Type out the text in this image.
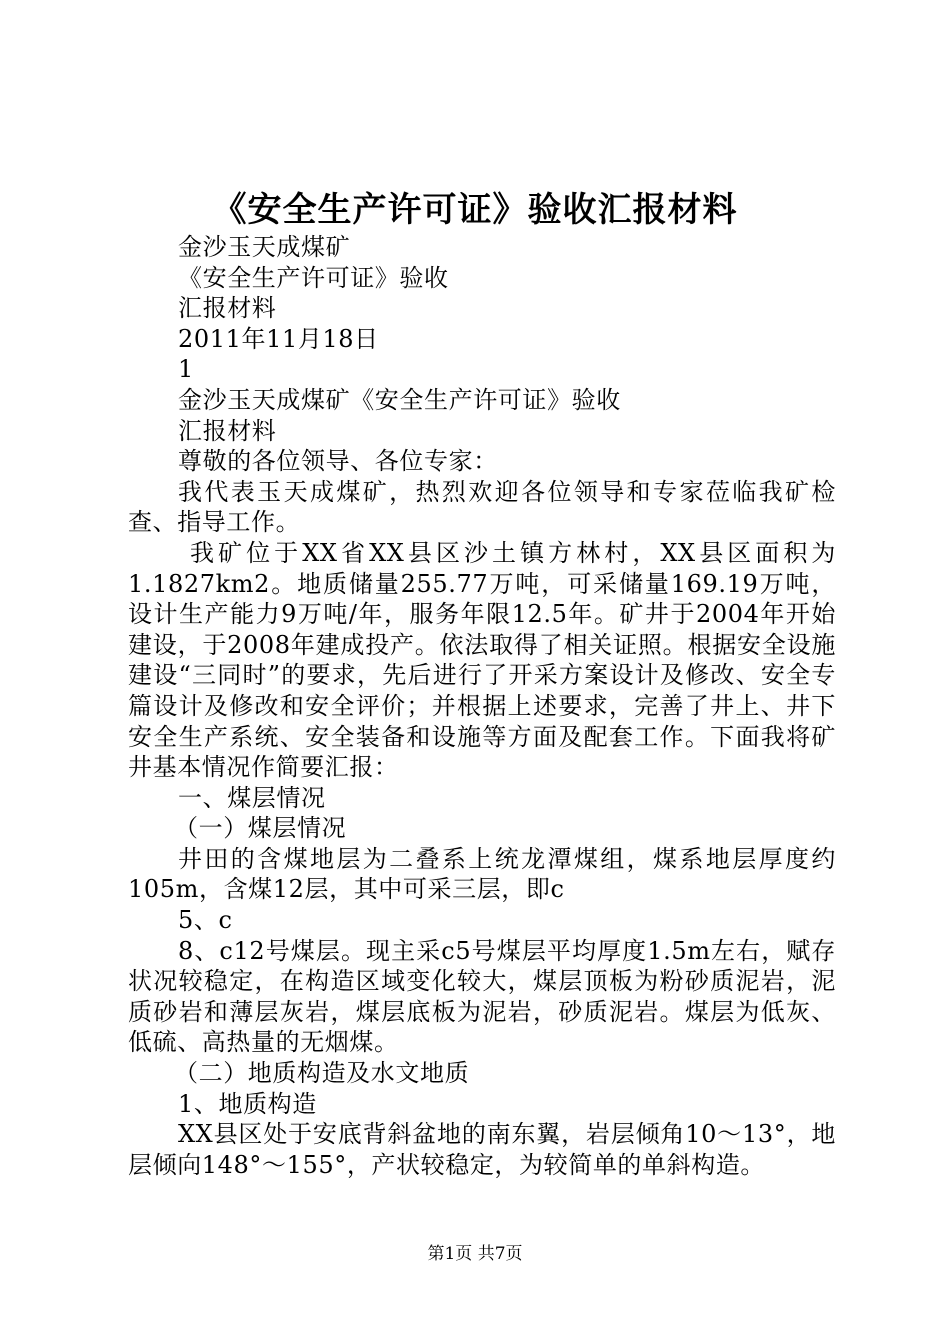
《安全生产许可证》验收汇报材料

金沙玉天成煤矿

《安全生产许可证》验收

汇报材料

2011年11月18日

1

金沙玉天成煤矿《安全生产许可证》验收

汇报材料

尊敬的各位领导、各位专家：

我代表玉天成煤矿，热烈欢迎各位领导和专家莅临我矿检查、指导工作。

我矿位于XX省XX县区沙土镇方林村，XX县区面积为1.1827km2。地质储量255.77万吨，可采储量169.19万吨，设计生产能力9万吨/年，服务年限12.5年。矿井于2004年开始建设，于2008年建成投产。依法取得了相关证照。根据安全设施建设“三同时”的要求，先后进行了开采方案设计及修改、安全专篇设计及修改和安全评价；并根据上述要求，完善了井上、井下安全生产系统、安全装备和设施等方面及配套工作。下面我将矿井基本情况作简要汇报：

一、煤层情况

（一）煤层情况

井田的含煤地层为二叠系上统龙潭煤组，煤系地层厚度约105m，含煤12层，其中可采三层，即c

5、c

8、c12号煤层。现主采c5号煤层平均厚度1.5m左右，赋存状况较稳定，在构造区域变化较大，煤层顶板为粉砂质泥岩，泥质砂岩和薄层灰岩，煤层底板为泥岩，砂质泥岩。煤层为低灰、低硫、高热量的无烟煤。

（二）地质构造及水文地质

1、地质构造

XX县区处于安底背斜盆地的南东翼，岩层倾角10～13°，地层倾向148°～155°，产状较稳定，为较简单的单斜构造。

第1页 共7页
